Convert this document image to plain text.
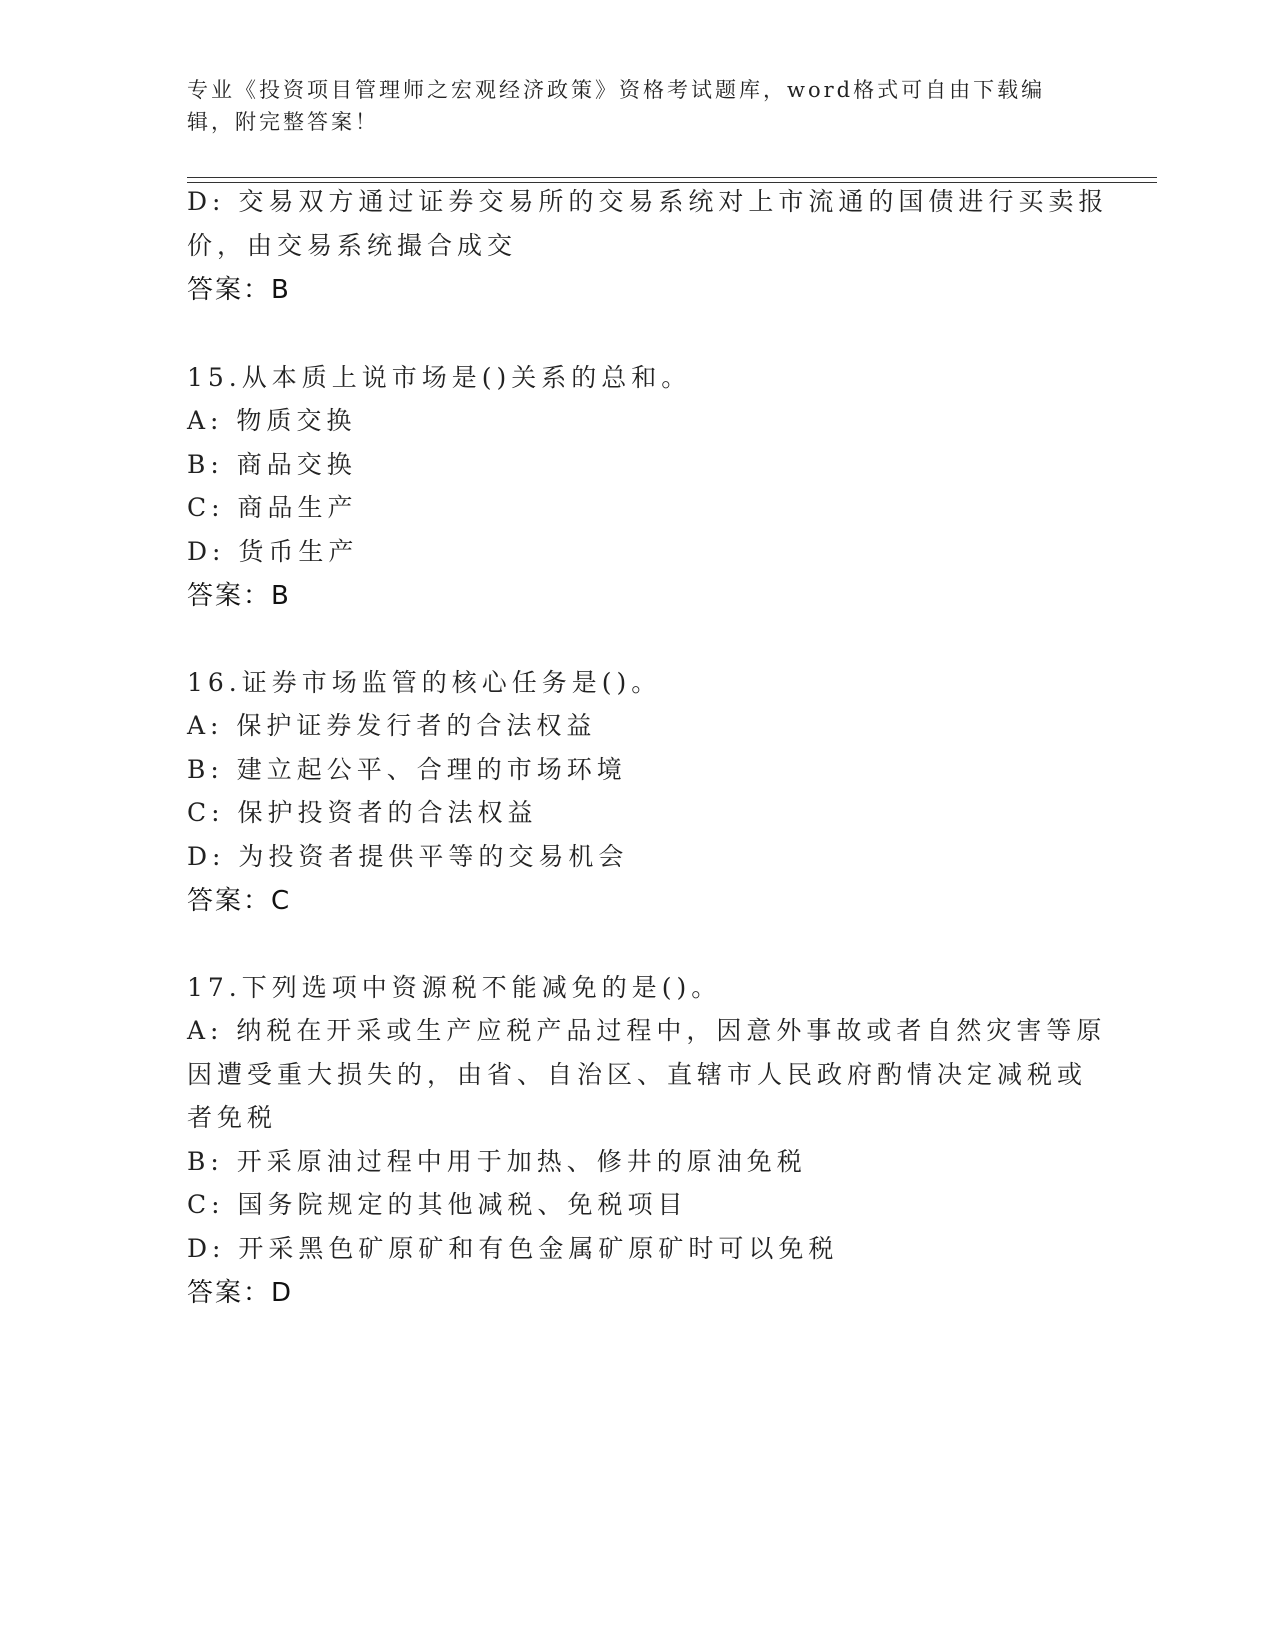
专业《投资项目管理师之宏观经济政策》资格考试题库，word格式可自由下载编
辑，附完整答案！
D: 交易双方通过证券交易所的交易系统对上市流通的国债进行买卖报
价，由交易系统撮合成交
答案：B
15.从本质上说市场是()关系的总和。
A: 物质交换
B: 商品交换
C: 商品生产
D: 货币生产
答案：B
16.证券市场监管的核心任务是()。
A: 保护证券发行者的合法权益
B: 建立起公平、合理的市场环境
C: 保护投资者的合法权益
D: 为投资者提供平等的交易机会
答案：C
17.下列选项中资源税不能减免的是()。
A: 纳税在开采或生产应税产品过程中，因意外事故或者自然灾害等原
因遭受重大损失的，由省、自治区、直辖市人民政府酌情决定减税或
者免税
B: 开采原油过程中用于加热、修井的原油免税
C: 国务院规定的其他减税、免税项目
D: 开采黑色矿原矿和有色金属矿原矿时可以免税
答案：D
